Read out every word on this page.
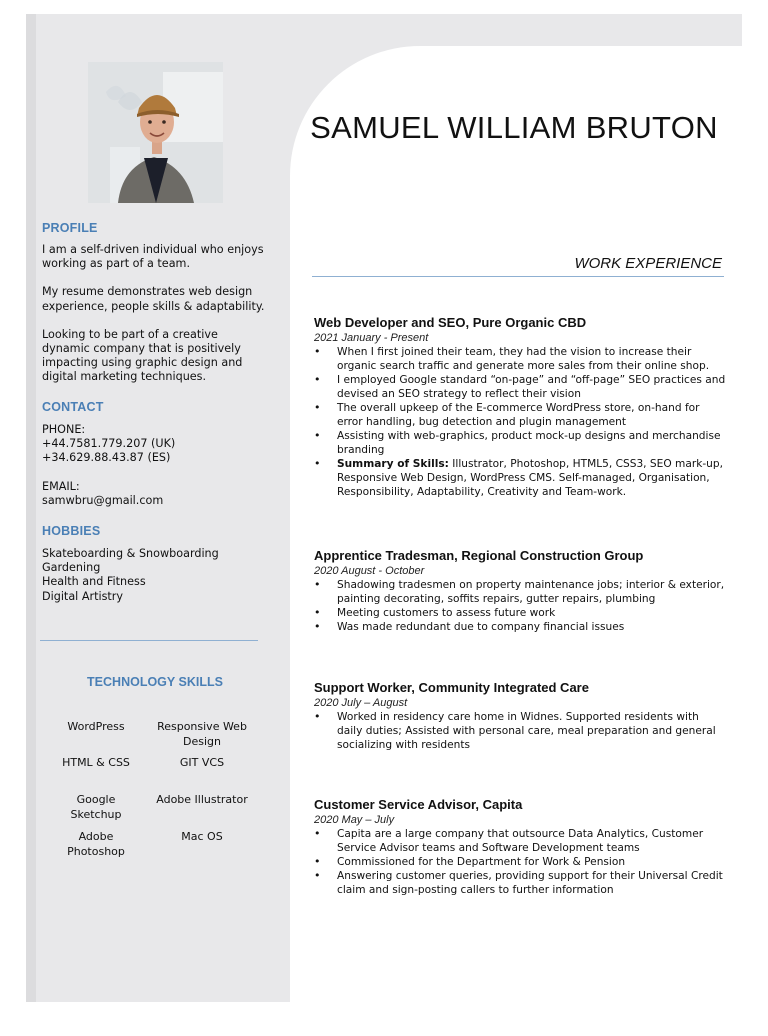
SAMUEL WILLIAM BRUTON
PROFILE

I am a self-driven individual who enjoys
working as part of a team.

My resume demonstrates web design
experience, people skills & adaptability.

Looking to be part of a creative
dynamic company that is positively
impacting using graphic design and
digital marketing techniques.

CONTACT
PHONE:
+44.7581.779.207 (UK)
+34.629.88.43.87 (ES)
EMAIL:
samwbru@gmail.com
HOBBIES
Skateboarding & Snowboarding
Gardening
Health and Fitness
Digital Artistry
TECHNOLOGY SKILLS
WordPress	Responsive Web Design
HTML & CSS	GIT VCS
Google Sketchup
Adobe Illustrator
Adobe Photoshop
Mac OS
WORK EXPERIENCE
Web Developer and SEO, Pure Organic CBD
2021 January - Present
• When I first joined their team, they had the vision to increase their organic search traffic and generate more sales from their online shop.
• I employed Google standard “on-page” and “off-page” SEO practices and devised an SEO strategy to reflect their vision
• The overall upkeep of the E-commerce WordPress store, on-hand for error handling, bug detection and plugin management
• Assisting with web-graphics, product mock-up designs and merchandise branding
• Summary of Skills: Illustrator, Photoshop, HTML5, CSS3, SEO mark-up, Responsive Web Design, WordPress CMS. Self-managed, Organisation, Responsibility, Adaptability, Creativity and Team-work.
Apprentice Tradesman, Regional Construction Group
2020 August - October
• Shadowing tradesmen on property maintenance jobs; interior & exterior, painting decorating, soffits repairs, gutter repairs, plumbing
• Meeting customers to assess future work
• Was made redundant due to company financial issues
Support Worker, Community Integrated Care
2020 July – August
• Worked in residency care home in Widnes. Supported residents with daily duties; Assisted with personal care, meal preparation and general socializing with residents
Customer Service Advisor, Capita
2020 May – July
• Capita are a large company that outsource Data Analytics, Customer Service Advisor teams and Software Development teams
• Commissioned for the Department for Work & Pension
• Answering customer queries, providing support for their Universal Credit claim and sign-posting callers to further information
